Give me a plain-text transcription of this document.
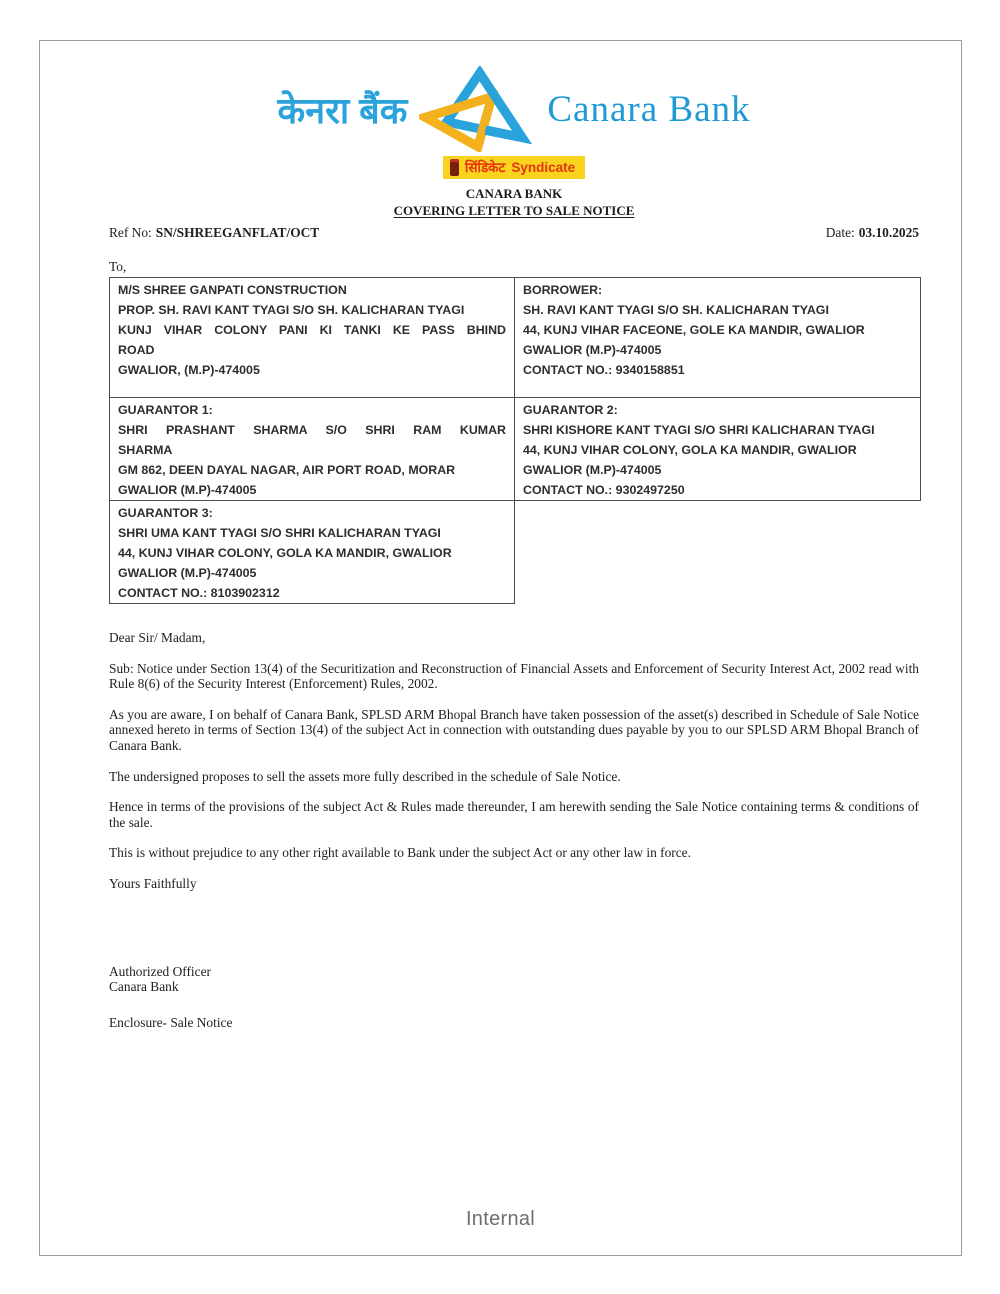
केनरा बैंक	Canara Bank
सिंडिकेट Syndicate
CANARA BANK
COVERING LETTER TO SALE NOTICE
Ref No: SN/SHREEGANFLAT/OCT	Date: 03.10.2025
To,
M/S SHREE GANPATI CONSTRUCTION
PROP. SH. RAVI KANT TYAGI S/O SH. KALICHARAN TYAGI
KUNJ VIHAR COLONY PANI KI TANKI KE PASS BHIND
ROAD
GWALIOR, (M.P)-474005
BORROWER:
SH. RAVI KANT TYAGI S/O SH. KALICHARAN TYAGI
44, KUNJ VIHAR FACEONE, GOLE KA MANDIR, GWALIOR
GWALIOR (M.P)-474005
CONTACT NO.: 9340158851
GUARANTOR 1:
SHRI PRASHANT SHARMA S/O SHRI RAM KUMAR
SHARMA
GM 862, DEEN DAYAL NAGAR, AIR PORT ROAD, MORAR
GWALIOR (M.P)-474005
GUARANTOR 2:
SHRI KISHORE KANT TYAGI S/O SHRI KALICHARAN TYAGI
44, KUNJ VIHAR COLONY, GOLA KA MANDIR, GWALIOR
GWALIOR (M.P)-474005
CONTACT NO.: 9302497250
GUARANTOR 3:
SHRI UMA KANT TYAGI S/O SHRI KALICHARAN TYAGI
44, KUNJ VIHAR COLONY, GOLA KA MANDIR, GWALIOR
GWALIOR (M.P)-474005
CONTACT NO.: 8103902312

Dear Sir/ Madam,

Sub: Notice under Section 13(4) of the Securitization and Reconstruction of Financial Assets and Enforcement of Security Interest Act, 2002 read with Rule 8(6) of the Security Interest (Enforcement) Rules, 2002.

As you are aware, I on behalf of Canara Bank, SPLSD ARM Bhopal Branch have taken possession of the asset(s) described in Schedule of Sale Notice annexed hereto in terms of Section 13(4) of the subject Act in connection with outstanding dues payable by you to our SPLSD ARM Bhopal Branch of Canara Bank.

The undersigned proposes to sell the assets more fully described in the schedule of Sale Notice.

Hence in terms of the provisions of the subject Act & Rules made thereunder, I am herewith sending the Sale Notice containing terms & conditions of the sale.

This is without prejudice to any other right available to Bank under the subject Act or any other law in force.

Yours Faithfully

Authorized Officer
Canara Bank
Enclosure- Sale Notice
Internal
